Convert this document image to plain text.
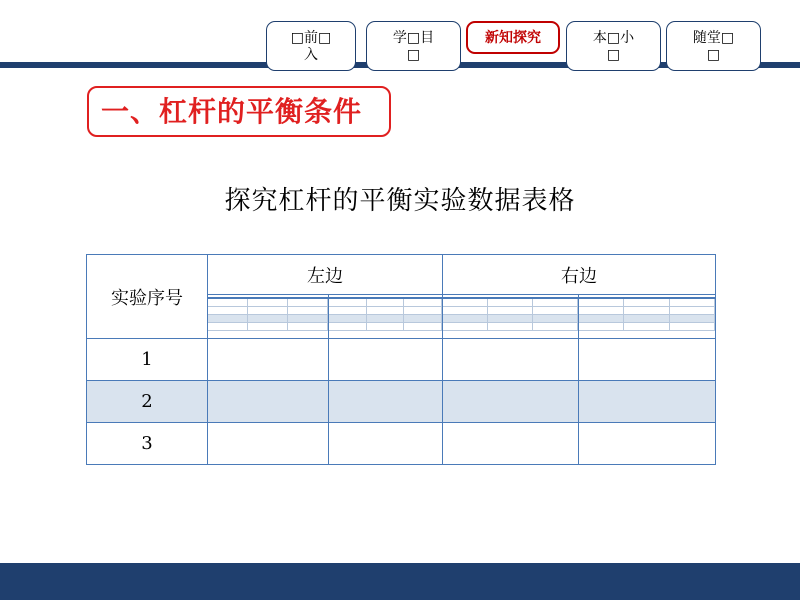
□前□
入
学□目
□
新知探究	本□小
□
随堂□
□
一、杠杆的平衡条件
探究杠杆的平衡实验数据表格
实验序号	左边		右边	

1				
2				
3				
